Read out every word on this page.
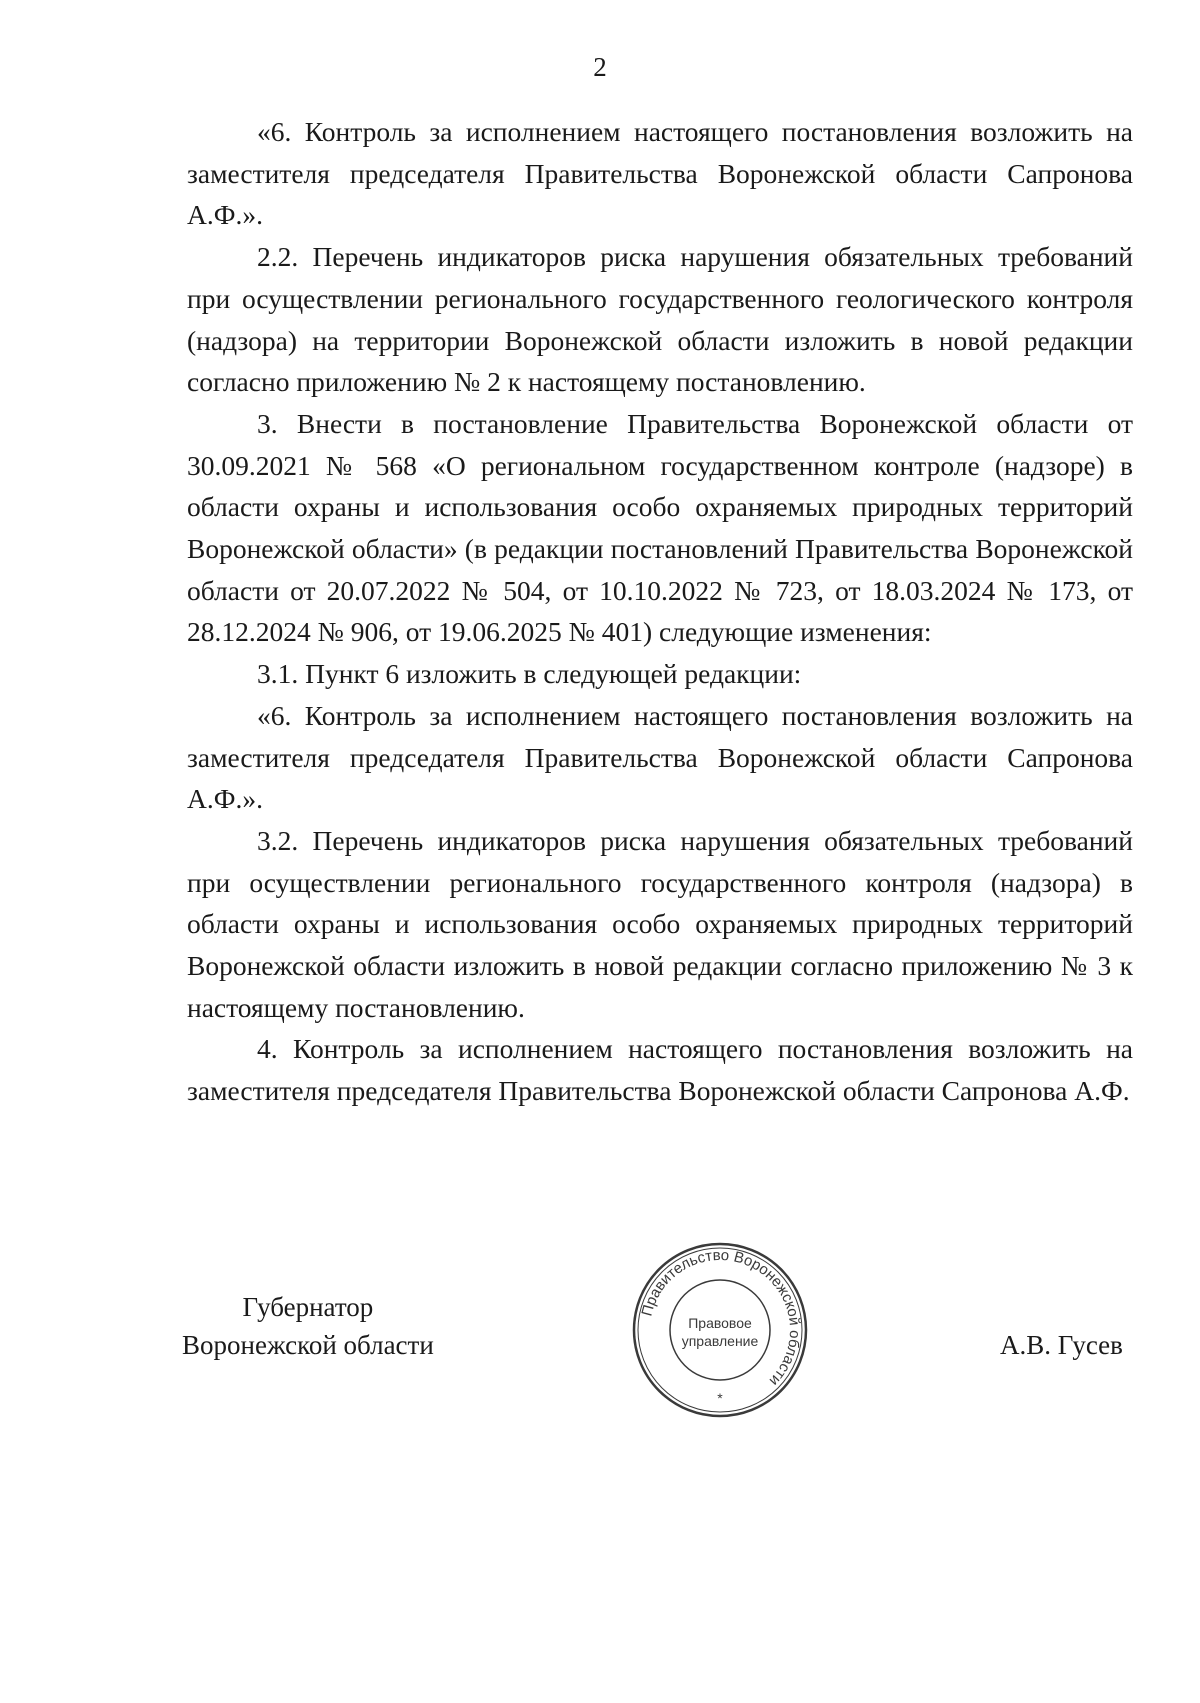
2

«6. Контроль за исполнением настоящего постановления возложить на заместителя председателя Правительства Воронежской области Сапронова А.Ф.».

2.2. Перечень индикаторов риска нарушения обязательных требований при осуществлении регионального государственного геологического контроля (надзора) на территории Воронежской области изложить в новой редакции согласно приложению № 2 к настоящему постановлению.

3. Внести в постановление Правительства Воронежской области от 30.09.2021 № 568 «О региональном государственном контроле (надзоре) в области охраны и использования особо охраняемых природных территорий Воронежской области» (в редакции постановлений Правительства Воронежской области от 20.07.2022 № 504, от 10.10.2022 № 723, от 18.03.2024 № 173, от 28.12.2024 № 906, от 19.06.2025 № 401) следующие изменения:

3.1. Пункт 6 изложить в следующей редакции:

«6. Контроль за исполнением настоящего постановления возложить на заместителя председателя Правительства Воронежской области Сапронова А.Ф.».

3.2. Перечень индикаторов риска нарушения обязательных требований при осуществлении регионального государственного контроля (надзора) в области охраны и использования особо охраняемых природных территорий Воронежской области изложить в новой редакции согласно приложению № 3 к настоящему постановлению.

4. Контроль за исполнением настоящего постановления возложить на заместителя председателя Правительства Воронежской области Сапронова А.Ф.

Губернатор
Воронежской области
Правительство Воронежской области
Правовое
управление
*
А.В. Гусев
